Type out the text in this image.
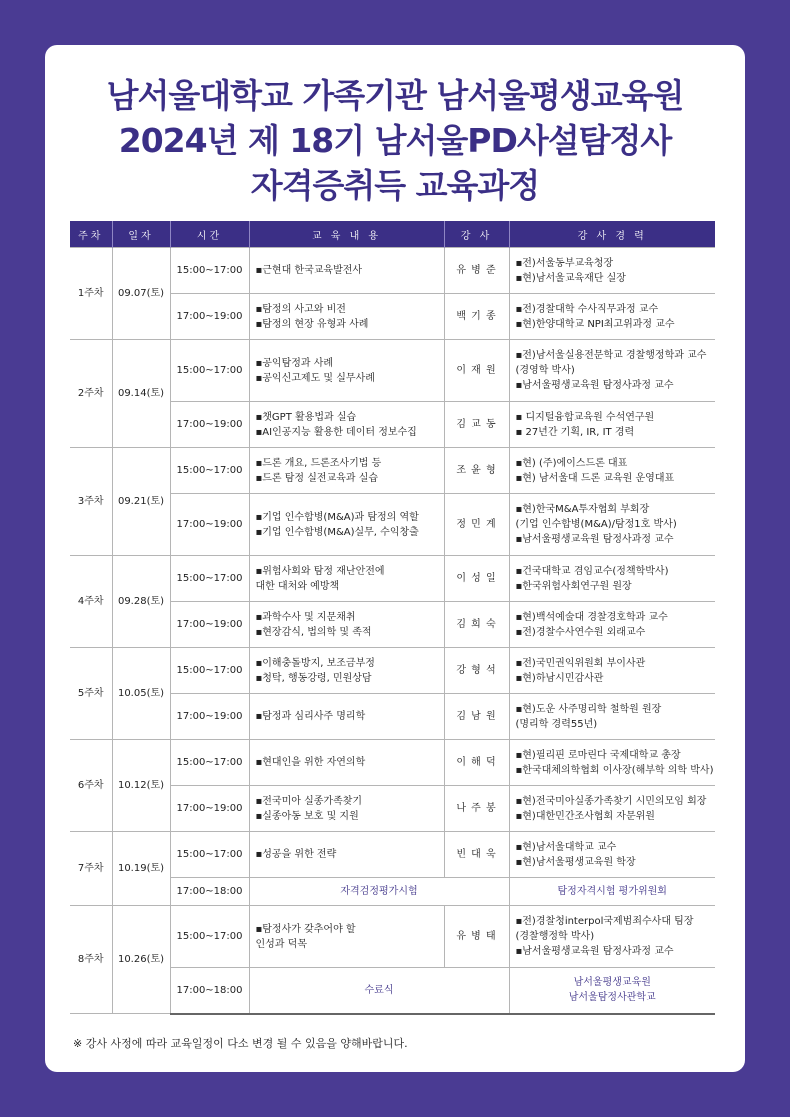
남서울대학교 가족기관 남서울평생교육원
2024년 제 18기 남서울PD사설탐정사
자격증취득 교육과정
주차	일자	시간	교 육 내 용	강 사	강 사 경 력
1주차	09.07(토)	15:00~17:00	▪근현대 한국교육발전사	유 병 준	▪전)서울동부교육청장
▪현)남서울교육재단 실장

		17:00~19:00	▪탐정의 사고와 비전
▪탐정의 현장 유형과 사례	백 기 종	▪전)경찰대학 수사직무과정 교수
▪현)한양대학교 NPI최고위과정 교수

2주차	09.14(토)	15:00~17:00	▪공익탐정과 사례
▪공익신고제도 및 실무사례	이 재 원	▪전)남서울실용전문학교 경찰행정학과 교수
(경영학 박사)
▪남서울평생교육원 탐정사과정 교수

		17:00~19:00	▪챗GPT 활용법과 실습
▪AI인공지능 활용한 데이터 정보수집	김 교 동	▪ 디지털융합교육원 수석연구원
▪ 27년간 기획, IR, IT 경력

3주차	09.21(토)	15:00~17:00	▪드론 개요, 드론조사기법 등
▪드론 탐정 실전교육과 실습	조 윤 형	▪현) (주)에이스드론 대표
▪현) 남서울대 드론 교육원 운영대표

		17:00~19:00	▪기업 인수합병(M&A)과 탐정의 역할
▪기업 인수합병(M&A)실무, 수익창출	정 민 계	▪현)한국M&A투자협회 부회장
(기업 인수합병(M&A)/탐정1호 박사)
▪남서울평생교육원 탐정사과정 교수

4주차	09.28(토)	15:00~17:00	▪위험사회와 탐정 재난안전에
대한 대처와 예방책	이 성 일	▪건국대학교 겸임교수(정책학박사)
▪한국위험사회연구원 원장

		17:00~19:00	▪과학수사 및 지문채취
▪현장감식, 법의학 및 족적	김 희 숙	▪현)백석예술대 경찰경호학과 교수
▪전)경찰수사연수원 외래교수

5주차	10.05(토)	15:00~17:00	▪이해충돌방지, 보조금부정
▪청탁, 행동강령, 민원상담	강 형 석	▪전)국민권익위원회 부이사관
▪현)하남시민감사관

		17:00~19:00	▪탐정과 심리사주 명리학	김 남 원	▪현)도운 사주명리학 철학원 원장
(명리학 경력55년)

6주차	10.12(토)	15:00~17:00	▪현대인을 위한 자연의학	이 해 덕	▪현)필리핀 로마린다 국제대학교 총장
▪한국대체의학협회 이사장(해부학 의학 박사)

		17:00~19:00	▪전국미아 실종가족찾기
▪실종아동 보호 및 지원	나 주 봉	▪현)전국미아실종가족찾기 시민의모임 회장
▪현)대한민간조사협회 자문위원

7주차	10.19(토)	15:00~17:00	▪성공을 위한 전략	빈 대 욱	▪현)남서울대학교 교수
▪현)남서울평생교육원 학장

		17:00~18:00	자격검정평가시험		탐정자격시험 평가위원회

8주차	10.26(토)	15:00~17:00	▪탐정사가 갖추어야 할
인성과 덕목	유 병 태	▪전)경찰청interpol국제범죄수사대 팀장
(경찰행정학 박사)
▪남서울평생교육원 탐정사과정 교수

		17:00~18:00	수료식		남서울평생교육원
남서울탐정사관학교
※ 강사 사정에 따라 교육일정이 다소 변경 될 수 있음을 양해바랍니다.
